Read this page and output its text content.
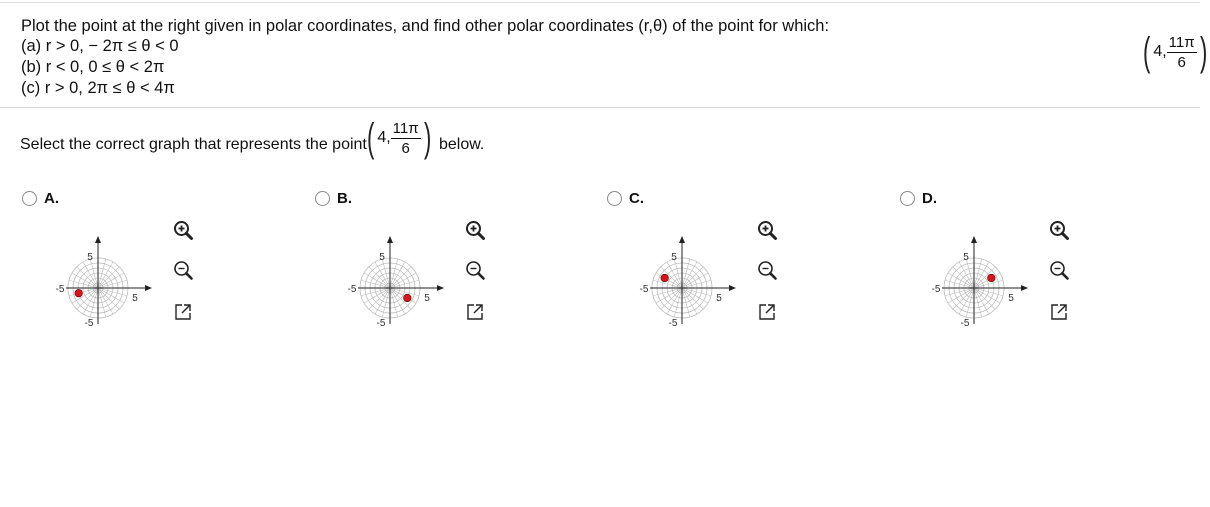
Plot the point at the right given in polar coordinates, and find other polar coordinates (r,θ) of the point for which:
(a) r > 0, − 2π ≤ θ < 0
(b) r < 0, 0 ≤ θ < 2π
(c) r > 0, 2π ≤ θ < 4π
( 4, $\frac{11\pi}{6}$ )
Select the correct graph that represents the point ( 4, $\frac{11\pi}{6}$ ) below.
A.	B.	C.	D.
5
5
-5
-5
5
5
-5
-5
5
5
-5
-5
5
5
-5
-5
